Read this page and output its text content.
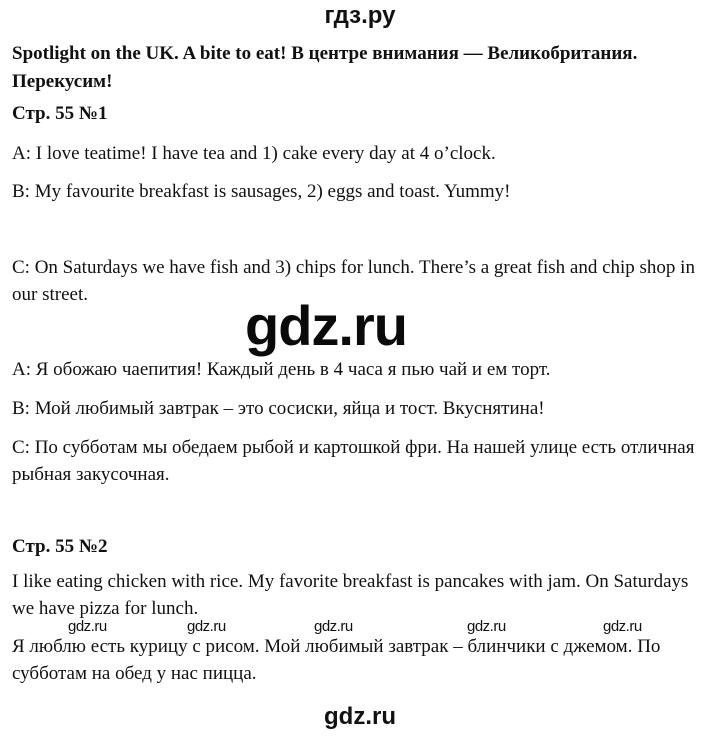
гдз.ру
Spotlight on the UK. A bite to eat! В центре внимания — Великобритания. Перекусим!
Стр. 55 №1
A: I love teatime! I have tea and 1) cake every day at 4 o’clock.
B: My favourite breakfast is sausages, 2) eggs and toast. Yummy!
C: On Saturdays we have fish and 3) chips for lunch. There’s a great fish and chip shop in our street.
А: Я обожаю чаепития! Каждый день в 4 часа я пью чай и ем торт.
В: Мой любимый завтрак – это сосиски, яйца и тост. Вкуснятина!
С: По субботам мы обедаем рыбой и картошкой фри. На нашей улице есть отличная рыбная закусочная.
Стр. 55 №2
I like eating chicken with rice. My favorite breakfast is pancakes with jam. On Saturdays we have pizza for lunch.
Я люблю есть курицу с рисом. Мой любимый завтрак – блинчики с джемом. По субботам на обед у нас пицца.
gdz.ru
gdz.ru	gdz.ru	gdz.ru	gdz.ru	gdz.ru
gdz.ru
